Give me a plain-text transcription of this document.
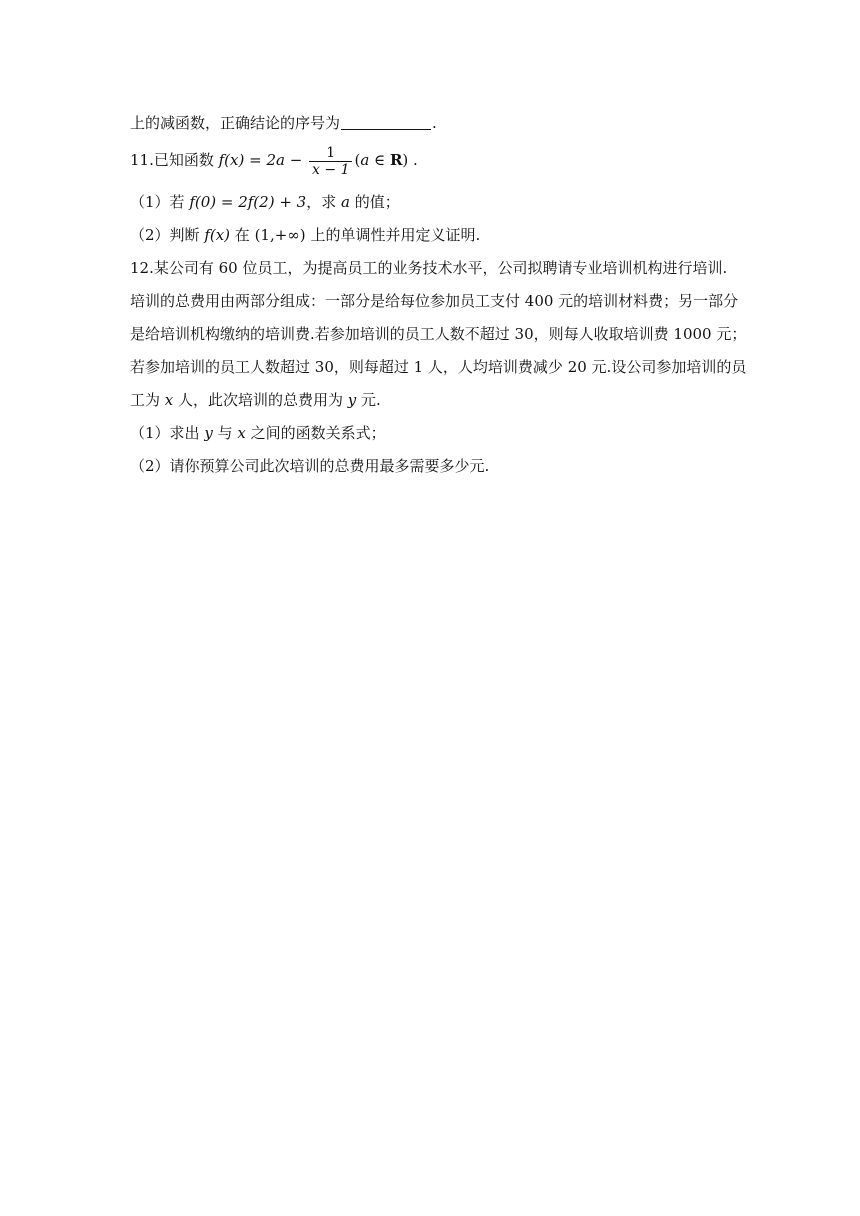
上的减函数，正确结论的序号为	.
11.已知函数 $f(x) = 2a - \frac{1}{x - 1} (a$ ∈ R) .
（1）若 f(0) = 2f(2) + 3，求 a 的值；
（2）判断 f(x) 在 (1,+∞) 上的单调性并用定义证明.
12.某公司有 60 位员工，为提高员工的业务技术水平，公司拟聘请专业培训机构进行培训.
培训的总费用由两部分组成：一部分是给每位参加员工支付 400 元的培训材料费；另一部分
是给培训机构缴纳的培训费.若参加培训的员工人数不超过 30，则每人收取培训费 1000 元；
若参加培训的员工人数超过 30，则每超过 1 人，人均培训费减少 20 元.设公司参加培训的员
工为 x 人，此次培训的总费用为 y 元.
（1）求出 y 与 x 之间的函数关系式；
（2）请你预算公司此次培训的总费用最多需要多少元.
